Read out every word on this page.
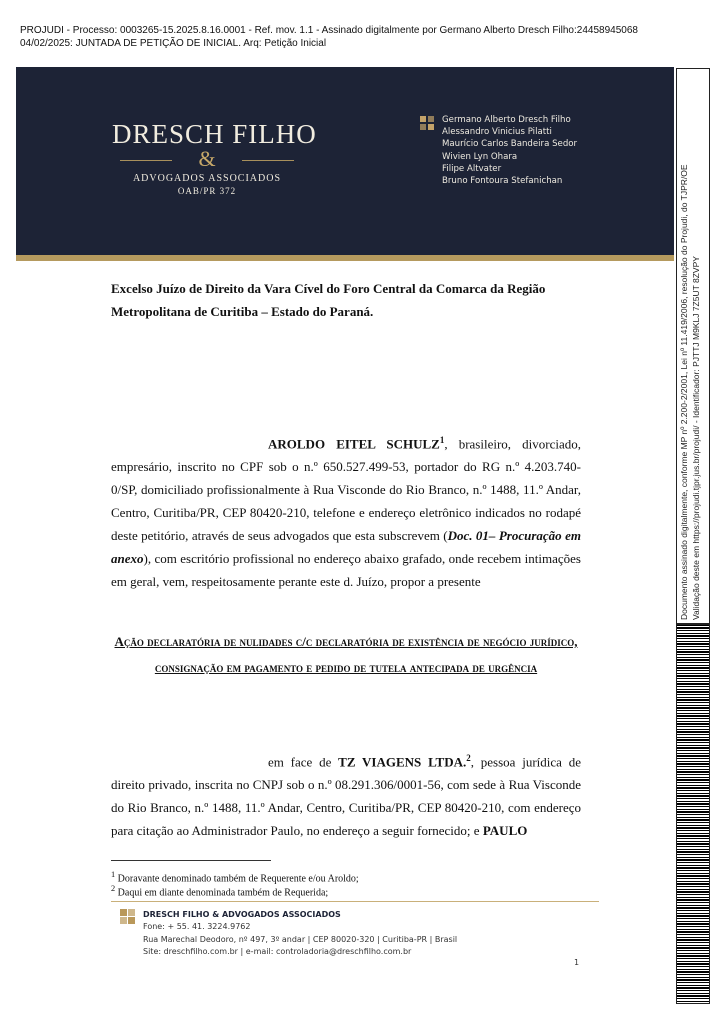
PROJUDI - Processo: 0003265-15.2025.8.16.0001 - Ref. mov. 1.1 - Assinado digitalmente por Germano Alberto Dresch Filho:24458945068
04/02/2025: JUNTADA DE PETIÇÃO DE INICIAL. Arq: Petição Inicial
DRESCH FILHO
&
ADVOGADOS ASSOCIADOS
OAB/PR 372
Germano Alberto Dresch Filho
Alessandro Vinicius Pilatti
Maurício Carlos Bandeira Sedor
Wivien Lyn Ohara
Filipe Altvater
Bruno Fontoura Stefanichan	Documento assinado digitalmente, conforme MP nº 2.200-2/2001, Lei nº 11.419/2006, resolução do Projudi, do TJPR/OE Validação deste em https://projudi.tjpr.jus.br/projudi/ - Identificador: PJTTJ M9KLJ 7Z5UT 8ZVPY
Excelso Juízo de Direito da Vara Cível do Foro Central da Comarca da Região Metropolitana de Curitiba – Estado do Paraná.
AROLDO EITEL SCHULZ$^1$, brasileiro, divorciado, empresário, inscrito no CPF sob o n.º 650.527.499-53, portador do RG n.º 4.203.740-0/SP, domiciliado profissionalmente à Rua Visconde do Rio Branco, n.º 1488, 11.º Andar, Centro, Curitiba/PR, CEP 80420-210, telefone e endereço eletrônico indicados no rodapé deste petitório, através de seus advogados que esta subscrevem (Doc. 01– Procuração em anexo), com escritório profissional no endereço abaixo grafado, onde recebem intimações em geral, vem, respeitosamente perante este d. Juízo, propor a presente
Ação declaratória de nulidades c/c declaratória de existência de negócio jurídico, consignação em pagamento e pedido de tutela antecipada de urgência
em face de TZ VIAGENS LTDA.$^2$, pessoa jurídica de direito privado, inscrita no CNPJ sob o n.º 08.291.306/0001-56, com sede à Rua Visconde do Rio Branco, n.º 1488, 11.º Andar, Centro, Curitiba/PR, CEP 80420-210, com endereço para citação ao Administrador Paulo, no endereço a seguir fornecido; e PAULO
$^1$ Doravante denominado também de Requerente e/ou Aroldo;
$^2$ Daqui em diante denominada também de Requerida;
DRESCH FILHO & ADVOGADOS ASSOCIADOS
Fone: + 55. 41. 3224.9762
Rua Marechal Deodoro, nº 497, 3º andar | CEP 80020-320 | Curitiba-PR | Brasil
Site: dreschfilho.com.br | e-mail: controladoria@dreschfilho.com.br
1
